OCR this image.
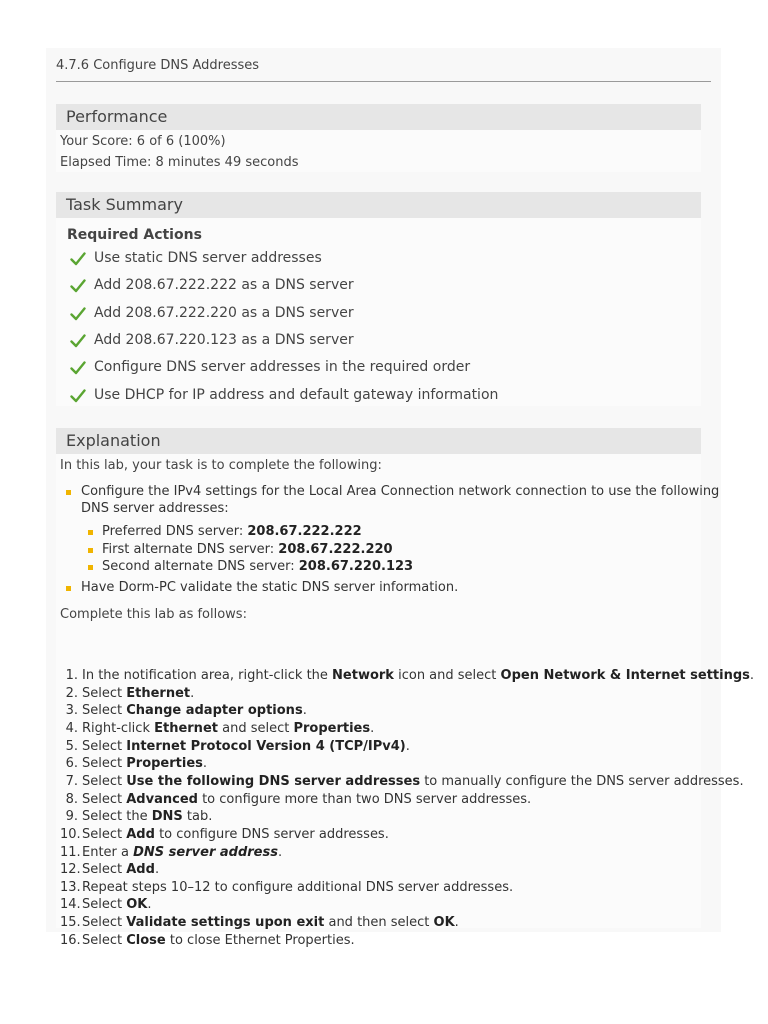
4.7.6 Configure DNS Addresses
Performance
Your Score: 6 of 6 (100%)
Elapsed Time: 8 minutes 49 seconds
Task Summary
Required Actions
Use static DNS server addresses
Add 208.67.222.222 as a DNS server
Add 208.67.222.220 as a DNS server
Add 208.67.220.123 as a DNS server
Configure DNS server addresses in the required order
Use DHCP for IP address and default gateway information
Explanation
In this lab, your task is to complete the following:
Configure the IPv4 settings for the Local Area Connection network connection to use the following
DNS server addresses:
Preferred DNS server: 208.67.222.222
First alternate DNS server: 208.67.222.220
Second alternate DNS server: 208.67.220.123
Have Dorm-PC validate the static DNS server information.
Complete this lab as follows:
1. In the notification area, right-click the Network icon and select Open Network & Internet settings.
2. Select Ethernet.
3. Select Change adapter options.
4. Right-click Ethernet and select Properties.
5. Select Internet Protocol Version 4 (TCP/IPv4).
6. Select Properties.
7. Select Use the following DNS server addresses to manually configure the DNS server addresses.
8. Select Advanced to configure more than two DNS server addresses.
9. Select the DNS tab.
10. Select Add to configure DNS server addresses.
11. Enter a DNS server address.
12. Select Add.
13. Repeat steps 10–12 to configure additional DNS server addresses.
14. Select OK.
15. Select Validate settings upon exit and then select OK.
16. Select Close to close Ethernet Properties.
